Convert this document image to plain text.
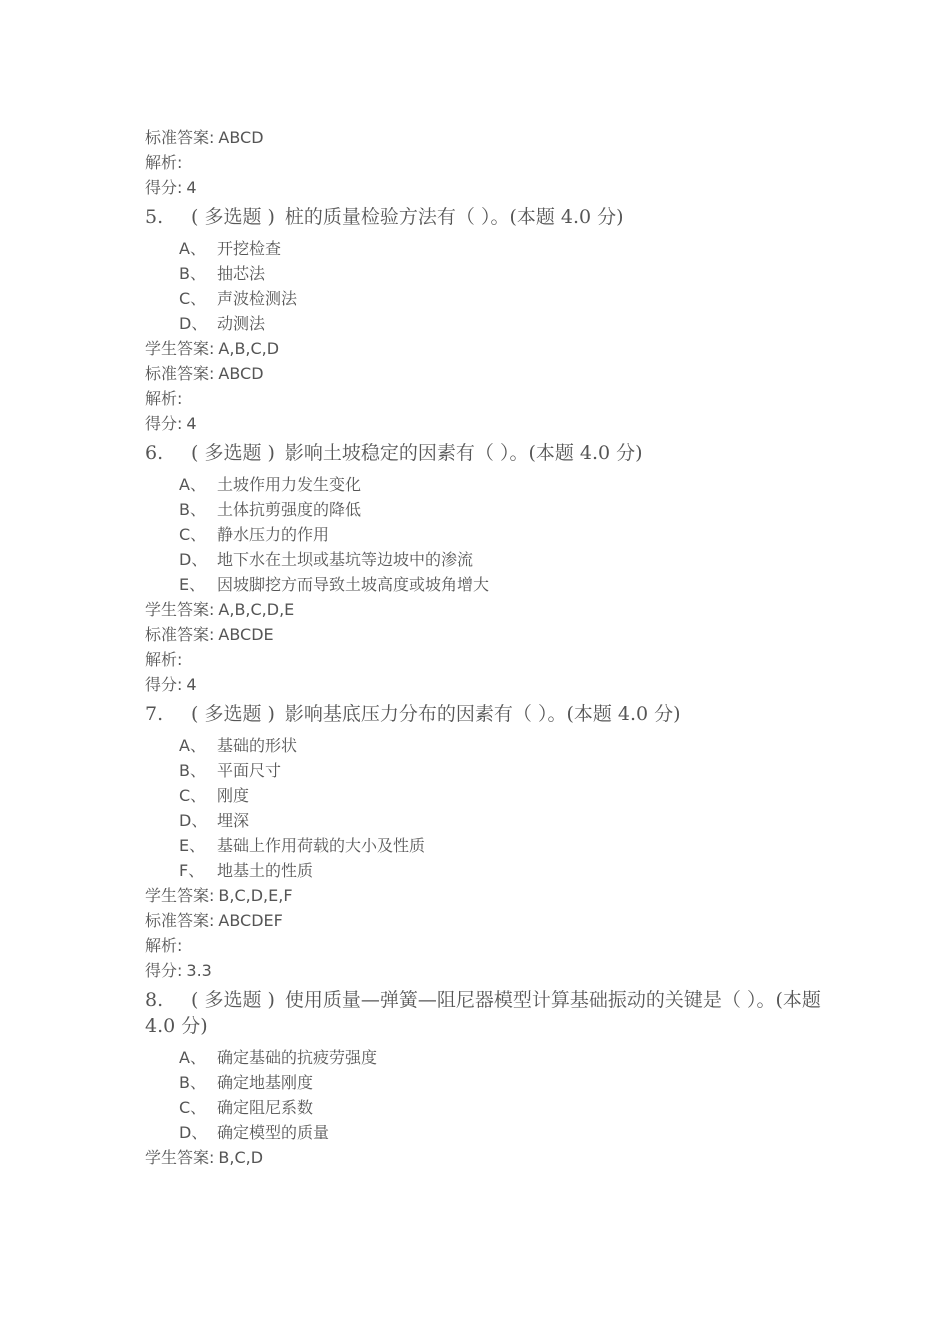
标准答案: ABCD
解析:
得分: 4
5. ( 多选题 ) 桩的质量检验方法有（ ）。(本题 4.0 分)
A、 开挖检查
B、 抽芯法
C、 声波检测法
D、 动测法
学生答案: A,B,C,D
标准答案: ABCD
解析:
得分: 4
6. ( 多选题 ) 影响土坡稳定的因素有（ ）。(本题 4.0 分)
A、 土坡作用力发生变化
B、 土体抗剪强度的降低
C、 静水压力的作用
D、 地下水在土坝或基坑等边坡中的渗流
E、 因坡脚挖方而导致土坡高度或坡角增大
学生答案: A,B,C,D,E
标准答案: ABCDE
解析:
得分: 4
7. ( 多选题 ) 影响基底压力分布的因素有（ ）。(本题 4.0 分)
A、 基础的形状
B、 平面尺寸
C、 刚度
D、 埋深
E、 基础上作用荷载的大小及性质
F、 地基土的性质
学生答案: B,C,D,E,F
标准答案: ABCDEF
解析:
得分: 3.3
8. ( 多选题 ) 使用质量—弹簧—阻尼器模型计算基础振动的关键是（ ）。(本题 4.0 分)
A、 确定基础的抗疲劳强度
B、 确定地基刚度
C、 确定阻尼系数
D、 确定模型的质量
学生答案: B,C,D
